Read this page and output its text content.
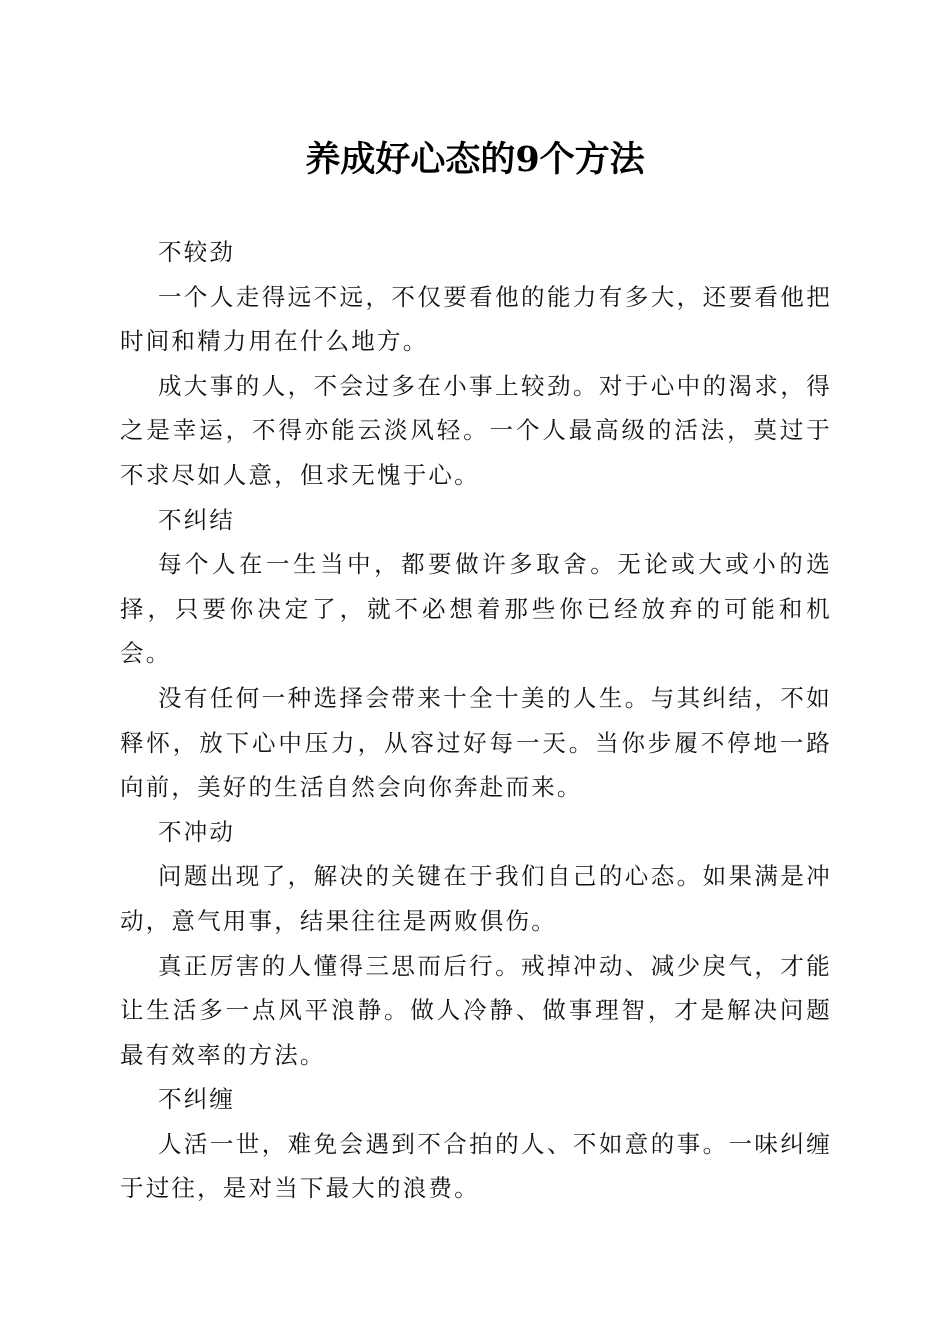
养成好心态的9个方法

不较劲

一个人走得远不远，不仅要看他的能力有多大，还要看他把时间和精力用在什么地方。

成大事的人，不会过多在小事上较劲。对于心中的渴求，得之是幸运，不得亦能云淡风轻。一个人最高级的活法，莫过于不求尽如人意，但求无愧于心。

不纠结

每个人在一生当中，都要做许多取舍。无论或大或小的选择，只要你决定了，就不必想着那些你已经放弃的可能和机会。

没有任何一种选择会带来十全十美的人生。与其纠结，不如释怀，放下心中压力，从容过好每一天。当你步履不停地一路向前，美好的生活自然会向你奔赴而来。

不冲动

问题出现了，解决的关键在于我们自己的心态。如果满是冲动，意气用事，结果往往是两败俱伤。

真正厉害的人懂得三思而后行。戒掉冲动、减少戾气，才能让生活多一点风平浪静。做人冷静、做事理智，才是解决问题最有效率的方法。

不纠缠

人活一世，难免会遇到不合拍的人、不如意的事。一味纠缠于过往，是对当下最大的浪费。
